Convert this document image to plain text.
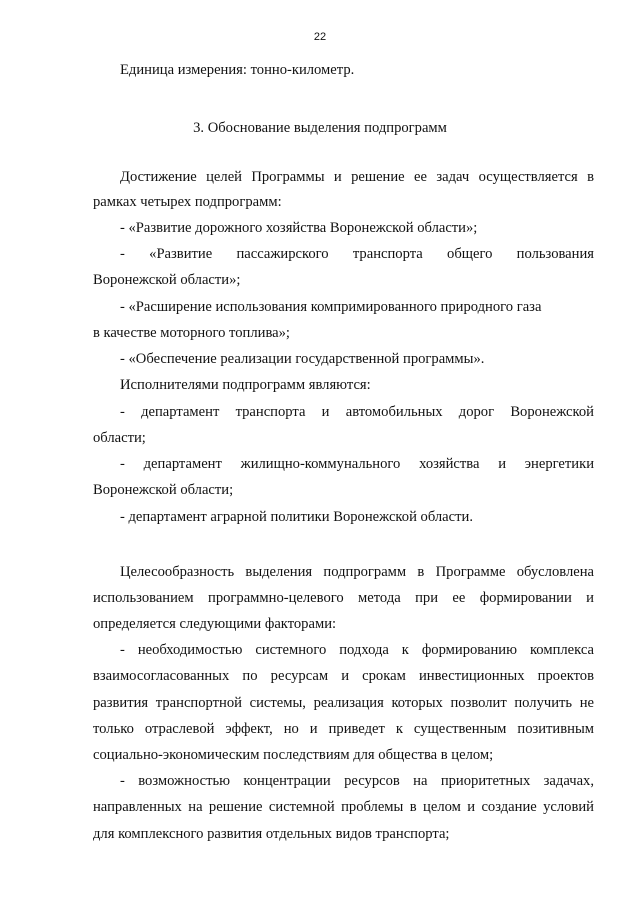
22
Единица измерения: тонно-километр.
3. Обоснование выделения подпрограмм
Достижение целей Программы и решение ее задач осуществляется в
рамках четырех подпрограмм:
- «Развитие дорожного хозяйства Воронежской области»;
- «Развитие пассажирского транспорта общего пользования
Воронежской области»;
- «Расширение использования компримированного природного газа
в качестве моторного топлива»;
- «Обеспечение реализации государственной программы».
Исполнителями подпрограмм являются:
- департамент транспорта и автомобильных дорог Воронежской
области;
- департамент жилищно-коммунального хозяйства и энергетики
Воронежской области;
- департамент аграрной политики Воронежской области.
Целесообразность выделения подпрограмм в Программе обусловлена
использованием программно-целевого метода при ее формировании и
определяется следующими факторами:
- необходимостью системного подхода к формированию комплекса
взаимосогласованных по ресурсам и срокам инвестиционных проектов
развития транспортной системы, реализация которых позволит получить не
только отраслевой эффект, но и приведет к существенным позитивным
социально-экономическим последствиям для общества в целом;
- возможностью концентрации ресурсов на приоритетных задачах,
направленных на решение системной проблемы в целом и создание условий
для комплексного развития отдельных видов транспорта;
